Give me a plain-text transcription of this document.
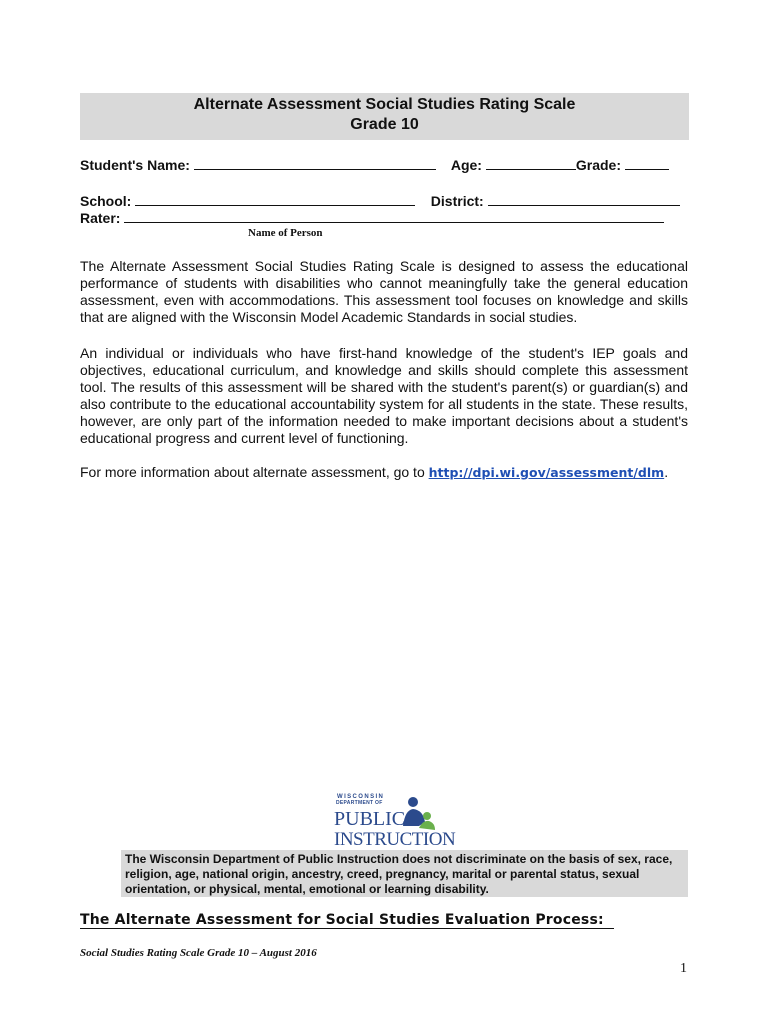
Alternate Assessment Social Studies Rating Scale
Grade 10
Student's Name:	Age:	Grade:
School:	District:
Rater:
Name of Person
The Alternate Assessment Social Studies Rating Scale is designed to assess the educational performance of students with disabilities who cannot meaningfully take the general education assessment, even with accommodations. This assessment tool focuses on knowledge and skills that are aligned with the Wisconsin Model Academic Standards in social studies.
An individual or individuals who have first-hand knowledge of the student's IEP goals and objectives, educational curriculum, and knowledge and skills should complete this assessment tool. The results of this assessment will be shared with the student's parent(s) or guardian(s) and also contribute to the educational accountability system for all students in the state. These results, however, are only part of the information needed to make important decisions about a student's educational progress and current level of functioning.
For more information about alternate assessment, go to http://dpi.wi.gov/assessment/dlm.
WISCONSIN
DEPARTMENT OF
PUBLIC
INSTRUCTION
The Wisconsin Department of Public Instruction does not discriminate on the basis of sex, race, religion, age, national origin, ancestry, creed, pregnancy, marital or parental status, sexual orientation, or physical, mental, emotional or learning disability.
The Alternate Assessment for Social Studies Evaluation Process:
Social Studies Rating Scale Grade 10 – August 2016
1
